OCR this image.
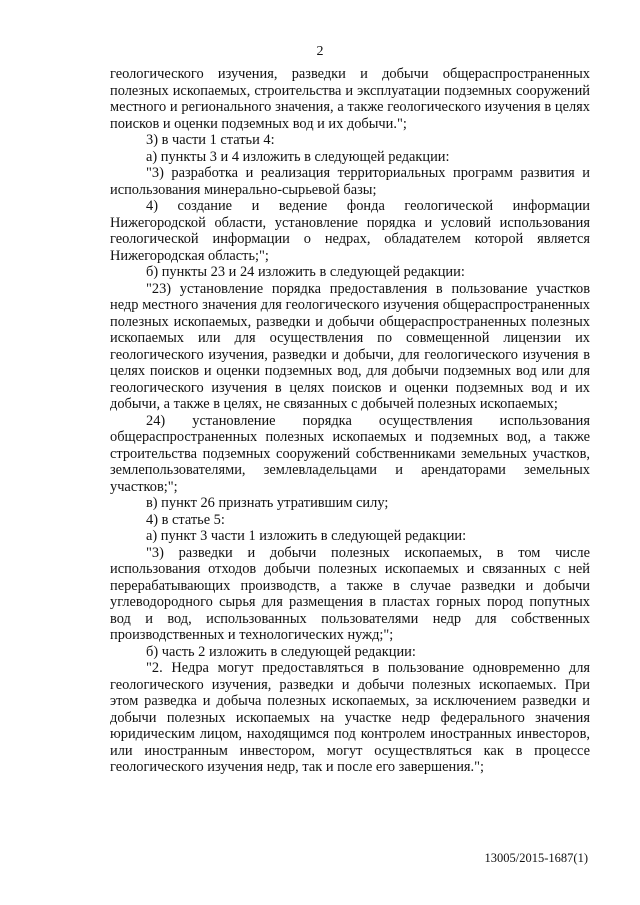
2

геологического изучения, разведки и добычи общераспространенных полезных ископаемых, строительства и эксплуатации подземных сооружений местного и регионального значения, а также геологического изучения в целях поисков и оценки подземных вод и их добычи.";

3) в части 1 статьи 4:

а) пункты 3 и 4 изложить в следующей редакции:

"3) разработка и реализация территориальных программ развития и использования минерально-сырьевой базы;

4) создание и ведение фонда геологической информации Нижегородской области, установление порядка и условий использования геологической информации о недрах, обладателем которой является Нижегородская область;";

б) пункты 23 и 24 изложить в следующей редакции:

"23) установление порядка предоставления в пользование участков недр местного значения для геологического изучения общераспространенных полезных ископаемых, разведки и добычи общераспространенных полезных ископаемых или для осуществления по совмещенной лицензии их геологического изучения, разведки и добычи, для геологического изучения в целях поисков и оценки подземных вод, для добычи подземных вод или для геологического изучения в целях поисков и оценки подземных вод и их добычи, а также в целях, не связанных с добычей полезных ископаемых;

24) установление порядка осуществления использования общераспространенных полезных ископаемых и подземных вод, а также строительства подземных сооружений собственниками земельных участков, землепользователями, землевладельцами и арендаторами земельных участков;";

в) пункт 26 признать утратившим силу;

4) в статье 5:

а) пункт 3 части 1 изложить в следующей редакции:

"3) разведки и добычи полезных ископаемых, в том числе использования отходов добычи полезных ископаемых и связанных с ней перерабатывающих производств, а также в случае разведки и добычи углеводородного сырья для размещения в пластах горных пород попутных вод и вод, использованных пользователями недр для собственных производственных и технологических нужд;";

б) часть 2 изложить в следующей редакции:

"2. Недра могут предоставляться в пользование одновременно для геологического изучения, разведки и добычи полезных ископаемых. При этом разведка и добыча полезных ископаемых, за исключением разведки и добычи полезных ископаемых на участке недр федерального значения юридическим лицом, находящимся под контролем иностранных инвесторов, или иностранным инвестором, могут осуществляться как в процессе геологического изучения недр, так и после его завершения.";

13005/2015-1687(1)
